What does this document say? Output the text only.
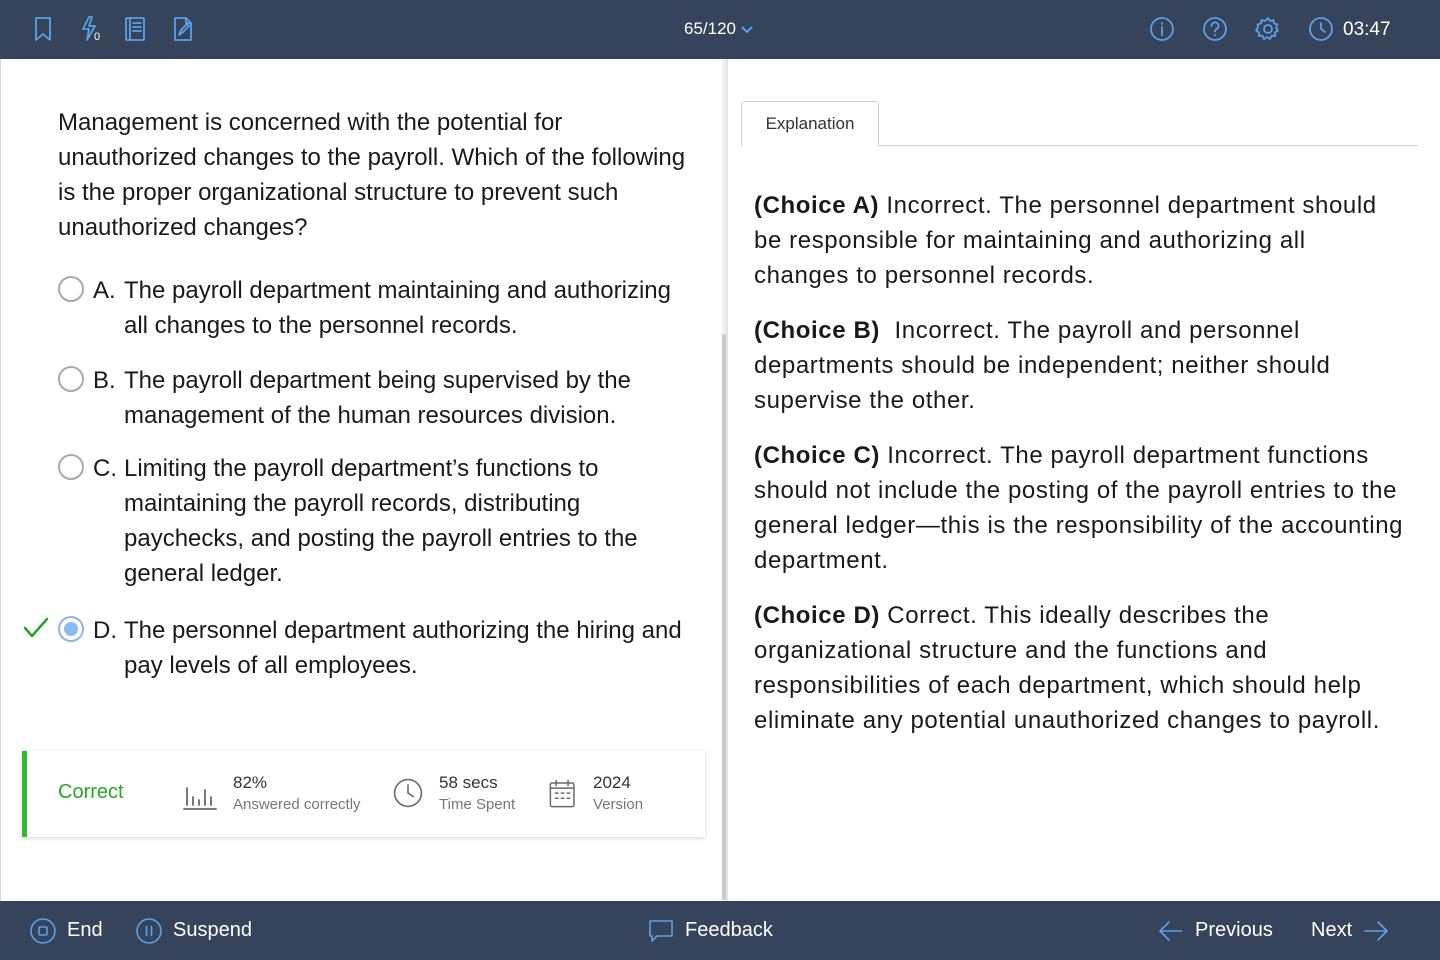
0	65/120	03:47
Management is concerned with the potential for unauthorized changes to the payroll. Which of the following is the proper organizational structure to prevent such unauthorized changes?
A. The payroll department maintaining and authorizing all changes to the personnel records.
B. The payroll department being supervised by the management of the human resources division.
C. Limiting the payroll department’s functions to maintaining the payroll records, distributing paychecks, and posting the payroll entries to the general ledger.
D. The personnel department authorizing the hiring and pay levels of all employees.
Correct	82%
Answered correctly
58 secs
Time Spent
2024
Version
Explanation

(Choice A) Incorrect. The personnel department should be responsible for maintaining and authorizing all changes to personnel records.

(Choice B)  Incorrect. The payroll and personnel departments should be independent; neither should supervise the other.

(Choice C) Incorrect. The payroll department functions should not include the posting of the payroll entries to the general ledger—this is the responsibility of the accounting department.

(Choice D) Correct. This ideally describes the organizational structure and the functions and responsibilities of each department, which should help eliminate any potential unauthorized changes to payroll.

End	Suspend	Feedback	Previous Next
